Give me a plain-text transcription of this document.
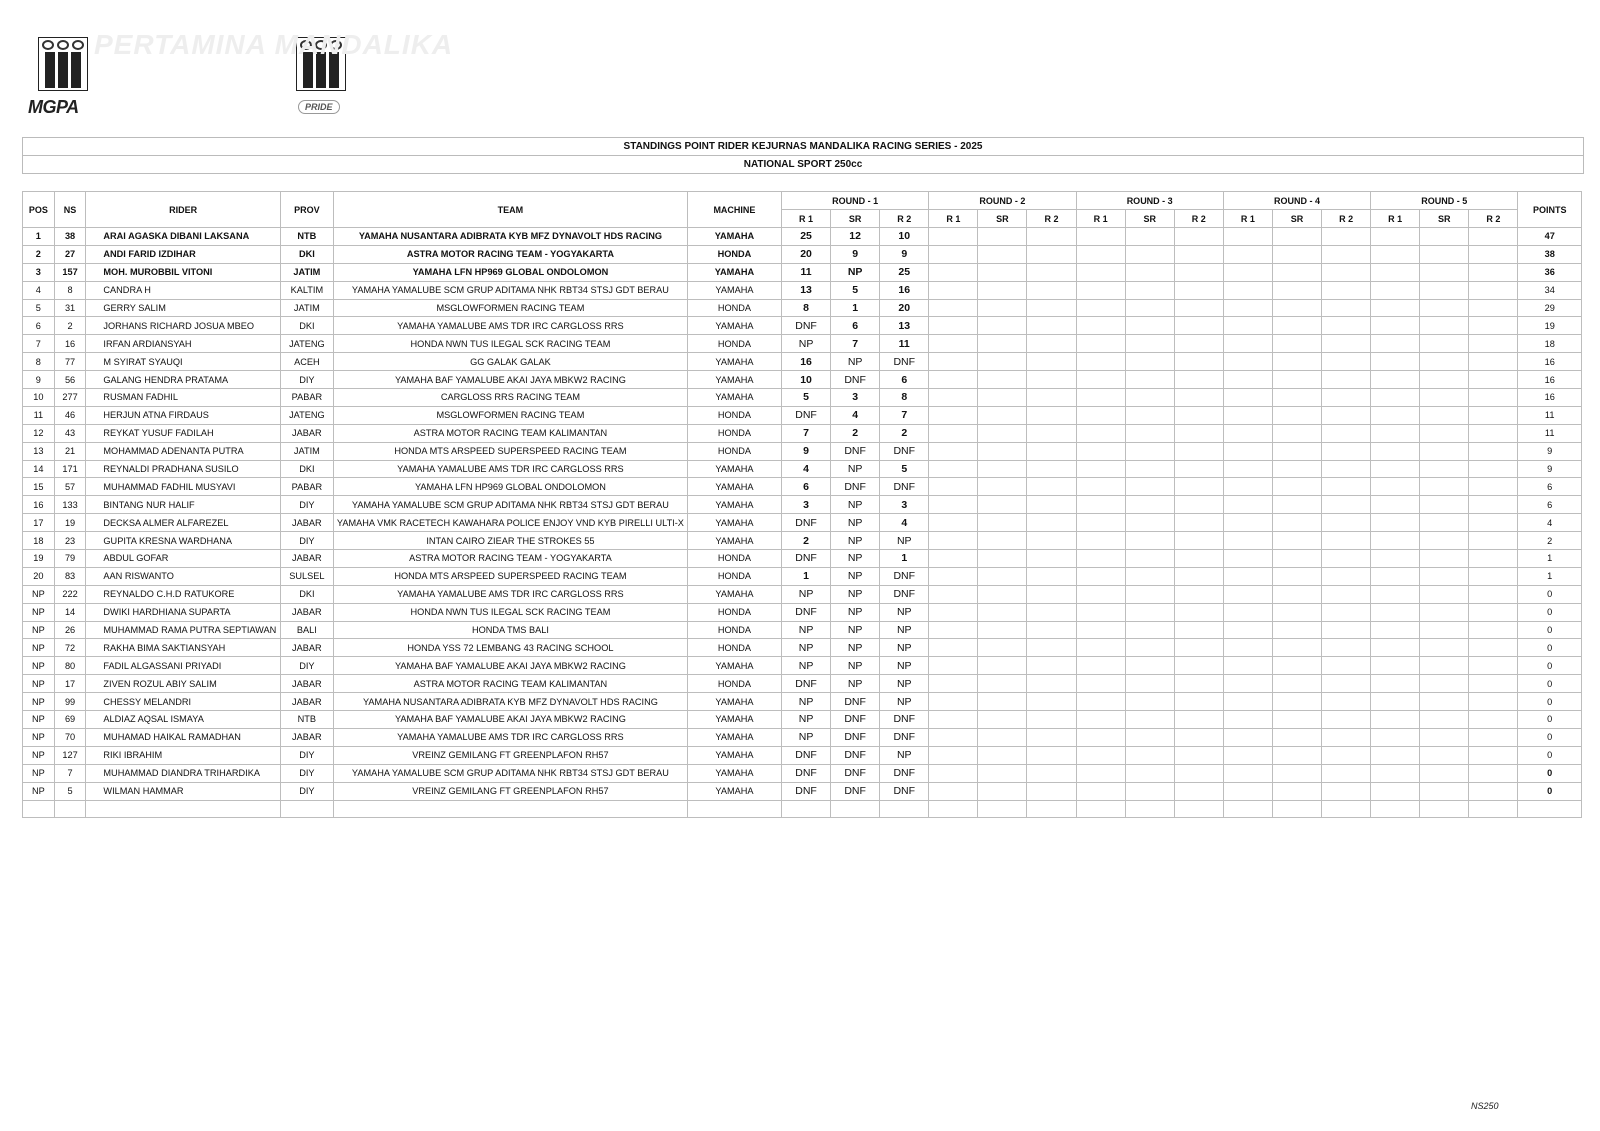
PERTAMINA MANDALIKA
MGPA	PRIDE
STANDINGS POINT RIDER KEJURNAS MANDALIKA RACING SERIES - 2025
NATIONAL SPORT 250cc
POS	NS	RIDER	PROV	TEAM	MACHINE	ROUND - 1			ROUND - 2			ROUND - 3			ROUND - 4			ROUND - 5			POINTS
						R 1	SR	R 2	R 1	SR	R 2	R 1	SR	R 2	R 1	SR	R 2	R 1	SR	R 2	
1	38	ARAI AGASKA DIBANI LAKSANA	NTB	YAMAHA NUSANTARA ADIBRATA KYB MFZ DYNAVOLT HDS RACING	YAMAHA	25	12	10													47
2	27	ANDI FARID IZDIHAR	DKI	ASTRA MOTOR RACING TEAM - YOGYAKARTA	HONDA	20	9	9													38
3	157	MOH. MUROBBIL VITONI	JATIM	YAMAHA LFN HP969 GLOBAL ONDOLOMON	YAMAHA	11	NP	25													36
4	8	CANDRA H	KALTIM	YAMAHA YAMALUBE SCM GRUP ADITAMA NHK RBT34 STSJ GDT BERAU	YAMAHA	13	5	16													34
5	31	GERRY SALIM	JATIM	MSGLOWFORMEN RACING TEAM	HONDA	8	1	20													29
6	2	JORHANS RICHARD JOSUA MBEO	DKI	YAMAHA YAMALUBE AMS TDR IRC CARGLOSS RRS	YAMAHA	DNF	6	13													19
7	16	IRFAN ARDIANSYAH	JATENG	HONDA NWN TUS ILEGAL SCK RACING TEAM	HONDA	NP	7	11													18
8	77	M SYIRAT SYAUQI	ACEH	GG GALAK GALAK	YAMAHA	16	NP	DNF													16
9	56	GALANG HENDRA PRATAMA	DIY	YAMAHA BAF YAMALUBE AKAI JAYA MBKW2 RACING	YAMAHA	10	DNF	6													16
10	277	RUSMAN FADHIL	PABAR	CARGLOSS RRS RACING TEAM	YAMAHA	5	3	8													16
11	46	HERJUN ATNA FIRDAUS	JATENG	MSGLOWFORMEN RACING TEAM	HONDA	DNF	4	7													11
12	43	REYKAT YUSUF FADILAH	JABAR	ASTRA MOTOR RACING TEAM KALIMANTAN	HONDA	7	2	2													11
13	21	MOHAMMAD ADENANTA PUTRA	JATIM	HONDA MTS ARSPEED SUPERSPEED RACING TEAM	HONDA	9	DNF	DNF													9
14	171	REYNALDI PRADHANA SUSILO	DKI	YAMAHA YAMALUBE AMS TDR IRC CARGLOSS RRS	YAMAHA	4	NP	5													9
15	57	MUHAMMAD FADHIL MUSYAVI	PABAR	YAMAHA LFN HP969 GLOBAL ONDOLOMON	YAMAHA	6	DNF	DNF													6
16	133	BINTANG NUR HALIF	DIY	YAMAHA YAMALUBE SCM GRUP ADITAMA NHK RBT34 STSJ GDT BERAU	YAMAHA	3	NP	3													6
17	19	DECKSA ALMER ALFAREZEL	JABAR	YAMAHA VMK RACETECH KAWAHARA POLICE ENJOY VND KYB PIRELLI ULTI-X	YAMAHA	DNF	NP	4													4
18	23	GUPITA KRESNA WARDHANA	DIY	INTAN CAIRO ZIEAR THE STROKES 55	YAMAHA	2	NP	NP													2
19	79	ABDUL GOFAR	JABAR	ASTRA MOTOR RACING TEAM - YOGYAKARTA	HONDA	DNF	NP	1													1
20	83	AAN RISWANTO	SULSEL	HONDA MTS ARSPEED SUPERSPEED RACING TEAM	HONDA	1	NP	DNF													1
NP	222	REYNALDO C.H.D RATUKORE	DKI	YAMAHA YAMALUBE AMS TDR IRC CARGLOSS RRS	YAMAHA	NP	NP	DNF													0
NP	14	DWIKI HARDHIANA SUPARTA	JABAR	HONDA NWN TUS ILEGAL SCK RACING TEAM	HONDA	DNF	NP	NP													0
NP	26	MUHAMMAD RAMA PUTRA SEPTIAWAN	BALI	HONDA TMS BALI	HONDA	NP	NP	NP													0
NP	72	RAKHA BIMA SAKTIANSYAH	JABAR	HONDA YSS 72 LEMBANG 43 RACING SCHOOL	HONDA	NP	NP	NP													0
NP	80	FADIL ALGASSANI PRIYADI	DIY	YAMAHA BAF YAMALUBE AKAI JAYA MBKW2 RACING	YAMAHA	NP	NP	NP													0
NP	17	ZIVEN ROZUL ABIY SALIM	JABAR	ASTRA MOTOR RACING TEAM KALIMANTAN	HONDA	DNF	NP	NP													0
NP	99	CHESSY MELANDRI	JABAR	YAMAHA NUSANTARA ADIBRATA KYB MFZ DYNAVOLT HDS RACING	YAMAHA	NP	DNF	NP													0
NP	69	ALDIAZ AQSAL ISMAYA	NTB	YAMAHA BAF YAMALUBE AKAI JAYA MBKW2 RACING	YAMAHA	NP	DNF	DNF													0
NP	70	MUHAMAD HAIKAL RAMADHAN	JABAR	YAMAHA YAMALUBE AMS TDR IRC CARGLOSS RRS	YAMAHA	NP	DNF	DNF													0
NP	127	RIKI IBRAHIM	DIY	VREINZ GEMILANG FT GREENPLAFON RH57	YAMAHA	DNF	DNF	NP													0
NP	7	MUHAMMAD DIANDRA TRIHARDIKA	DIY	YAMAHA YAMALUBE SCM GRUP ADITAMA NHK RBT34 STSJ GDT BERAU	YAMAHA	DNF	DNF	DNF													0
NP	5	WILMAN HAMMAR	DIY	VREINZ GEMILANG FT GREENPLAFON RH57	YAMAHA	DNF	DNF	DNF													0

NS250
